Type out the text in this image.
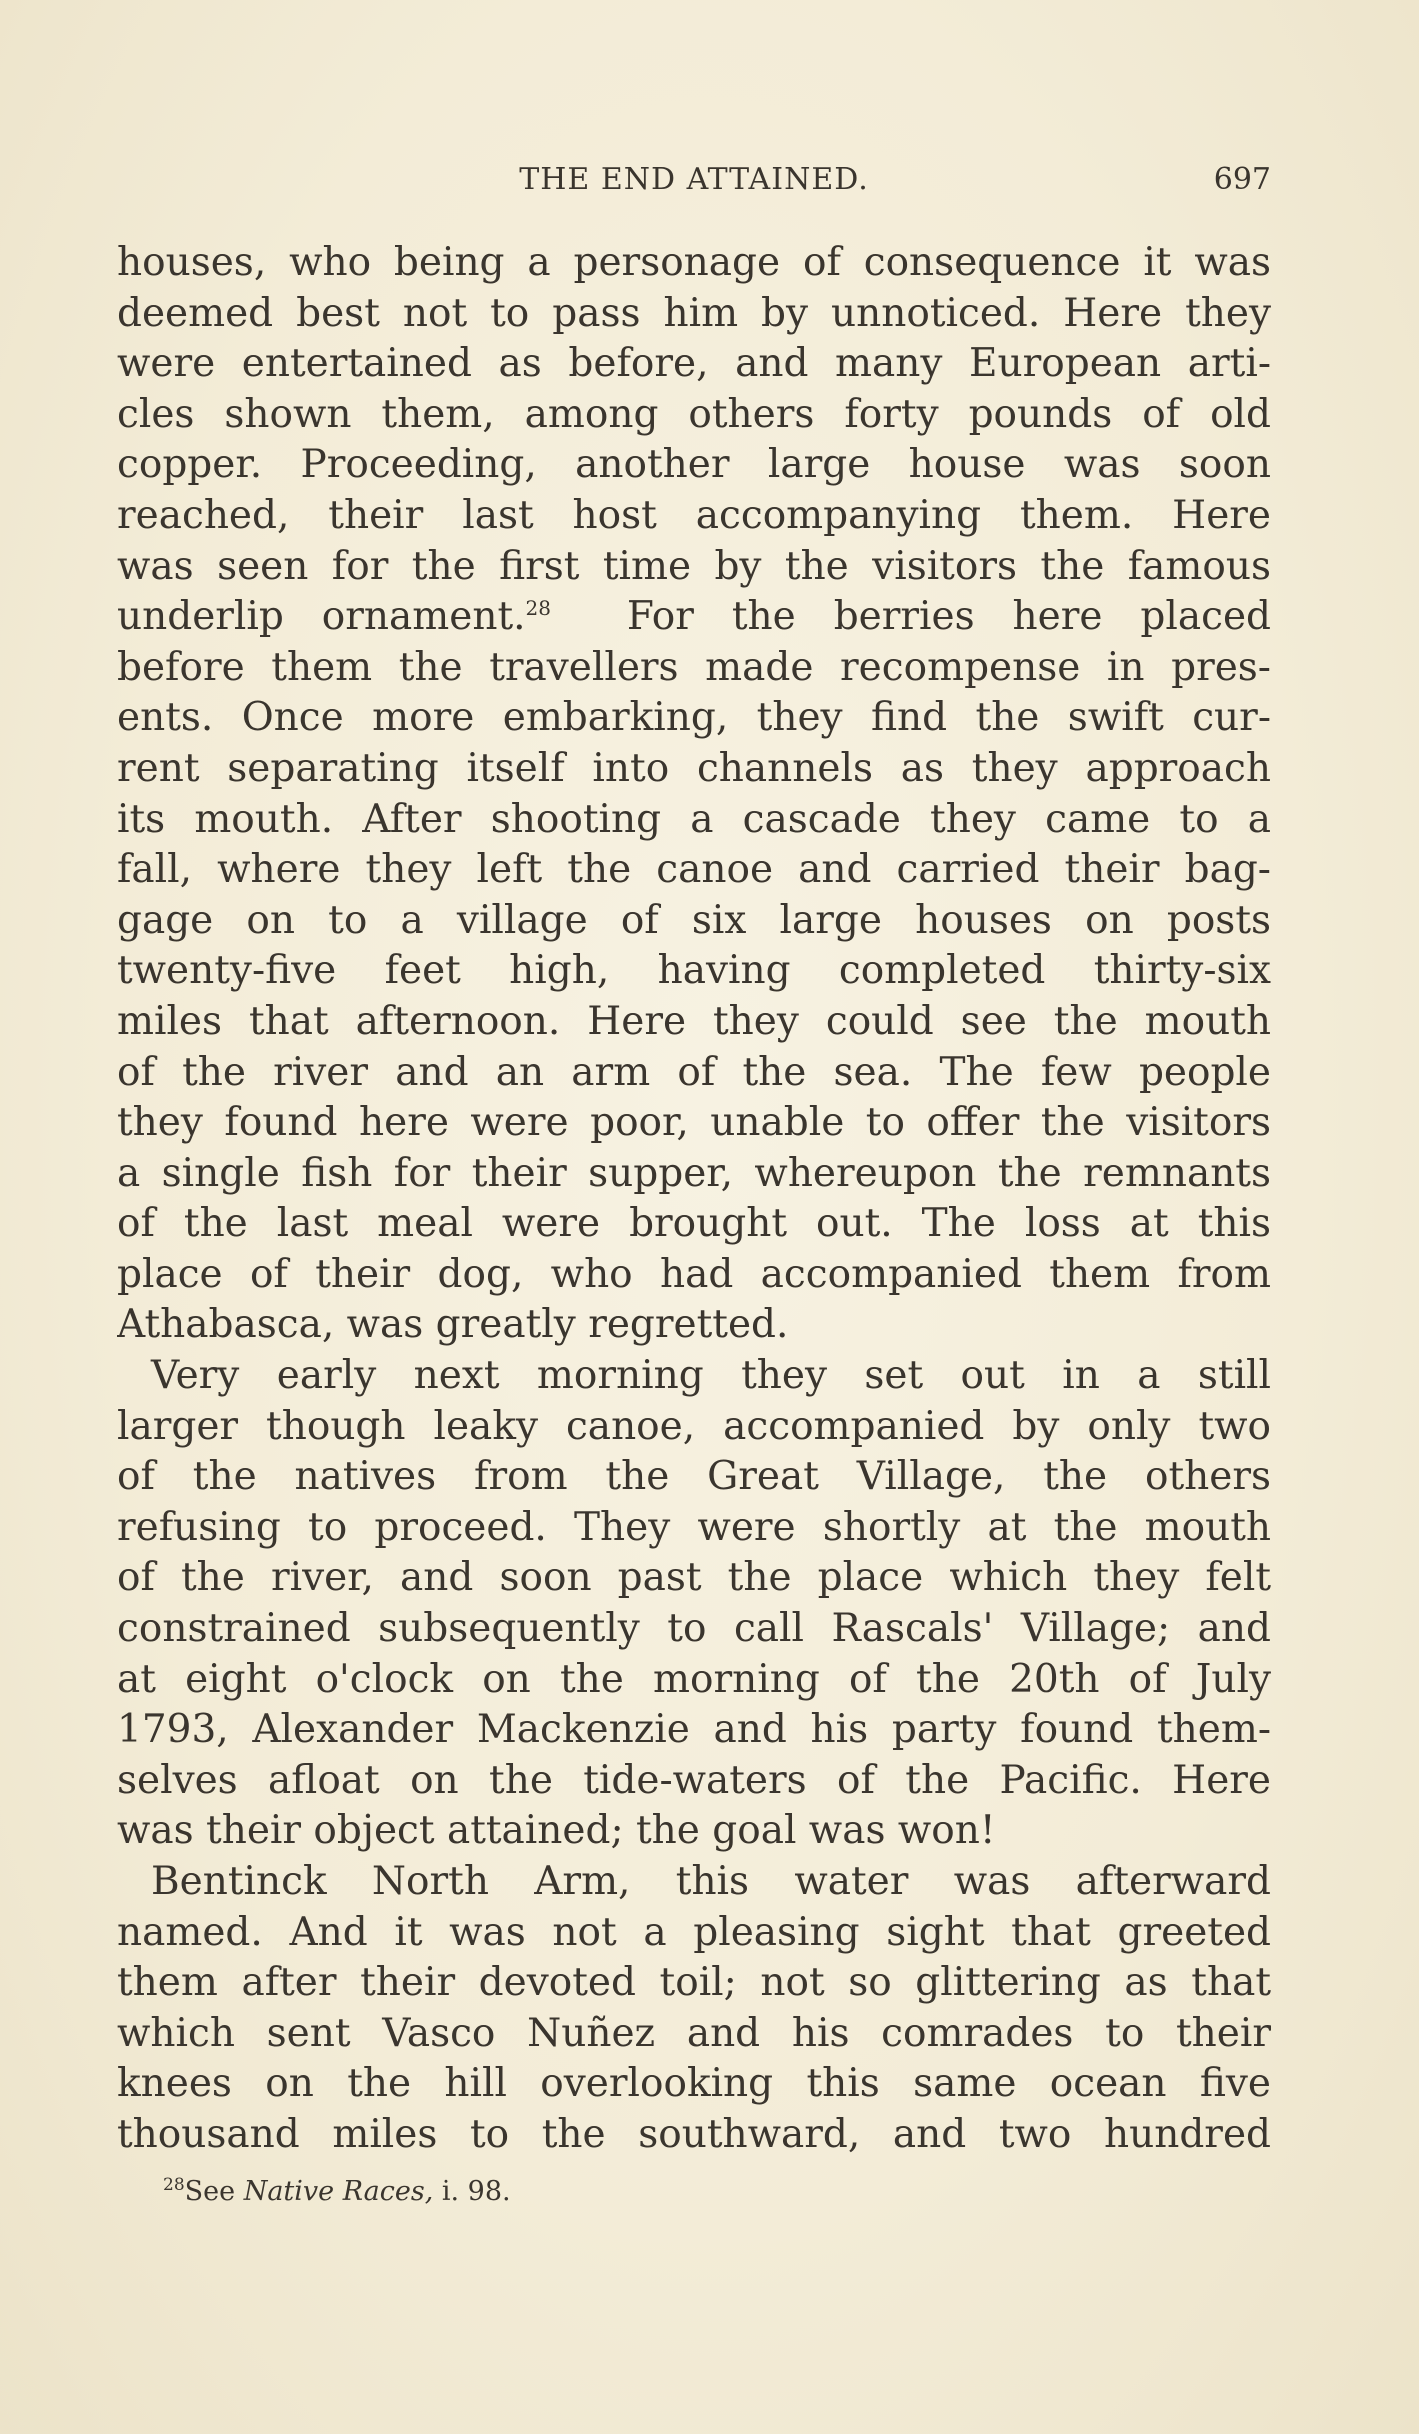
THE END ATTAINED.	697
houses, who being a personage of consequence it was
deemed best not to pass him by unnoticed. Here they
were entertained as before, and many European arti-
cles shown them, among others forty pounds of old
copper. Proceeding, another large house was soon
reached, their last host accompanying them. Here
was seen for the first time by the visitors the famous
underlip ornament.$^{28}$  For the berries here placed
before them the travellers made recompense in pres-
ents. Once more embarking, they find the swift cur-
rent separating itself into channels as they approach
its mouth. After shooting a cascade they came to a
fall, where they left the canoe and carried their bag-
gage on to a village of six large houses on posts
twenty-five feet high, having completed thirty-six
miles that afternoon. Here they could see the mouth
of the river and an arm of the sea. The few people
they found here were poor, unable to offer the visitors
a single fish for their supper, whereupon the remnants
of the last meal were brought out. The loss at this
place of their dog, who had accompanied them from
Athabasca, was greatly regretted.
Very early next morning they set out in a still
larger though leaky canoe, accompanied by only two
of the natives from the Great Village, the others
refusing to proceed. They were shortly at the mouth
of the river, and soon past the place which they felt
constrained subsequently to call Rascals' Village; and
at eight o'clock on the morning of the 20th of July
1793, Alexander Mackenzie and his party found them-
selves afloat on the tide-waters of the Pacific. Here
was their object attained; the goal was won!
Bentinck North Arm, this water was afterward
named. And it was not a pleasing sight that greeted
them after their devoted toil; not so glittering as that
which sent Vasco Nuñez and his comrades to their
knees on the hill overlooking this same ocean five
thousand miles to the southward, and two hundred
$^{28}$See Native Races, i. 98.
